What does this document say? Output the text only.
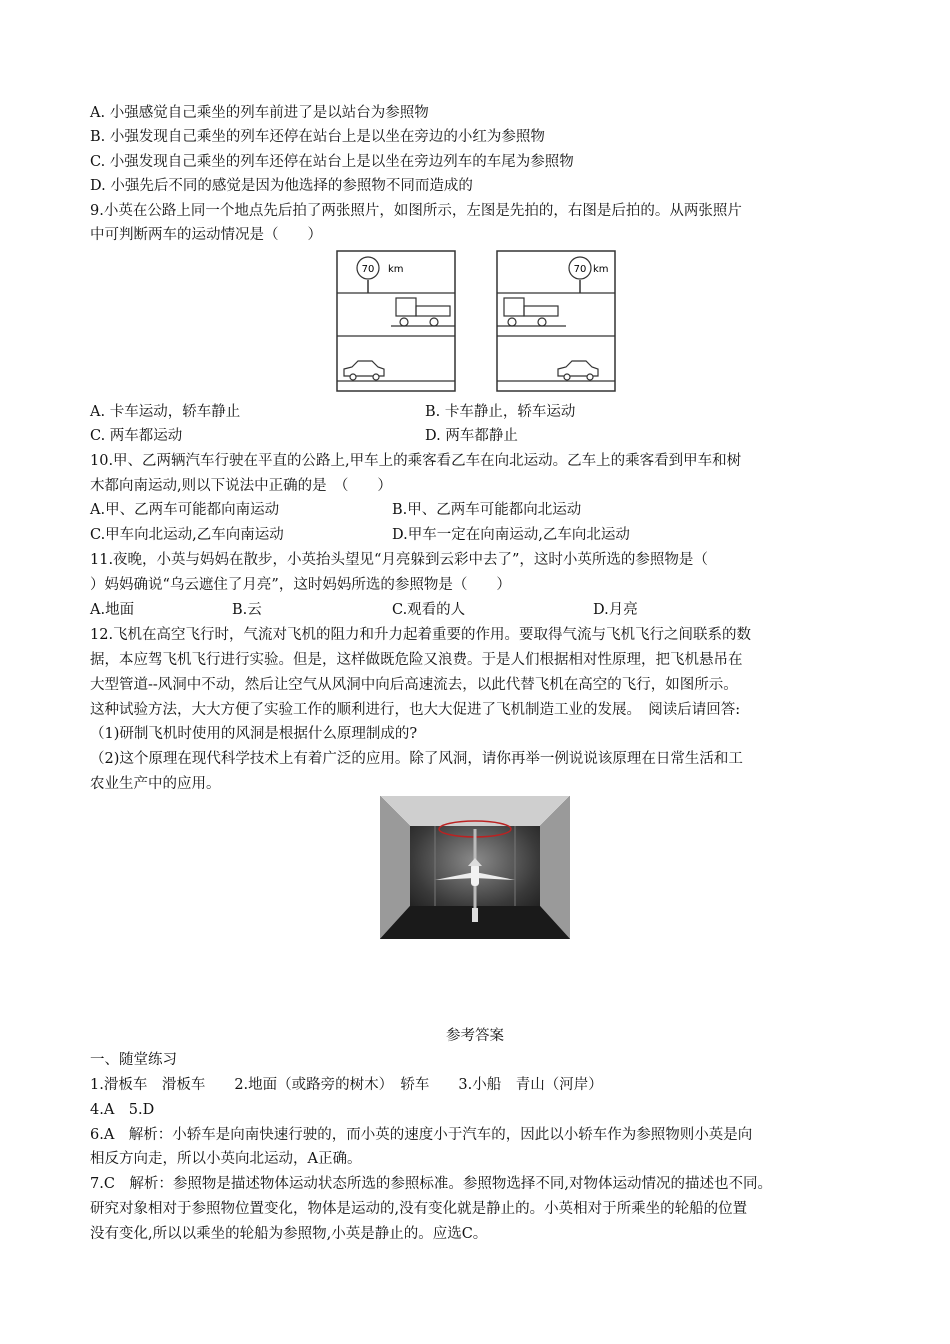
A. 小强感觉自己乘坐的列车前进了是以站台为参照物
B. 小强发现自己乘坐的列车还停在站台上是以坐在旁边的小红为参照物
C. 小强发现自己乘坐的列车还停在站台上是以坐在旁边列车的车尾为参照物
D. 小强先后不同的感觉是因为他选择的参照物不同而造成的
9.小英在公路上同一个地点先后拍了两张照片，如图所示，左图是先拍的，右图是后拍的。从两张照片
中可判断两车的运动情况是（　　）
70 km	70 km
A. 卡车运动，轿车静止	B. 卡车静止，轿车运动
C. 两车都运动	D. 两车都静止
10.甲、乙两辆汽车行驶在平直的公路上,甲车上的乘客看乙车在向北运动。乙车上的乘客看到甲车和树
木都向南运动,则以下说法中正确的是　（　　）
A.甲、乙两车可能都向南运动	B.甲、乙两车可能都向北运动
C.甲车向北运动,乙车向南运动	D.甲车一定在向南运动,乙车向北运动
11.夜晚，小英与妈妈在散步，小英抬头望见“月亮躲到云彩中去了”，这时小英所选的参照物是（
）妈妈确说“乌云遮住了月亮”，这时妈妈所选的参照物是（　　）
A.地面	B.云	C.观看的人	D.月亮
12.飞机在高空飞行时，气流对飞机的阻力和升力起着重要的作用。要取得气流与飞机飞行之间联系的数
据，本应驾飞机飞行进行实验。但是，这样做既危险又浪费。于是人们根据相对性原理，把飞机悬吊在
大型管道--风洞中不动，然后让空气从风洞中向后高速流去，以此代替飞机在高空的飞行，如图所示。
这种试验方法，大大方便了实验工作的顺利进行，也大大促进了飞机制造工业的发展。　阅读后请回答:
（1)研制飞机时使用的风洞是根据什么原理制成的?
（2)这个原理在现代科学技术上有着广泛的应用。除了风洞，请你再举一例说说该原理在日常生活和工
农业生产中的应用。
参考答案
一、随堂练习
1.滑板车　滑板车　　2.地面（或路旁的树木）　轿车　　3.小船　青山（河岸）
4.A　5.D
6.A　解析：小轿车是向南快速行驶的，而小英的速度小于汽车的，因此以小轿车作为参照物则小英是向
相反方向走，所以小英向北运动，A正确。
7.C　解析：参照物是描述物体运动状态所选的参照标准。参照物选择不同,对物体运动情况的描述也不同。
研究对象相对于参照物位置变化，物体是运动的,没有变化就是静止的。小英相对于所乘坐的轮船的位置
没有变化,所以以乘坐的轮船为参照物,小英是静止的。应选C。
